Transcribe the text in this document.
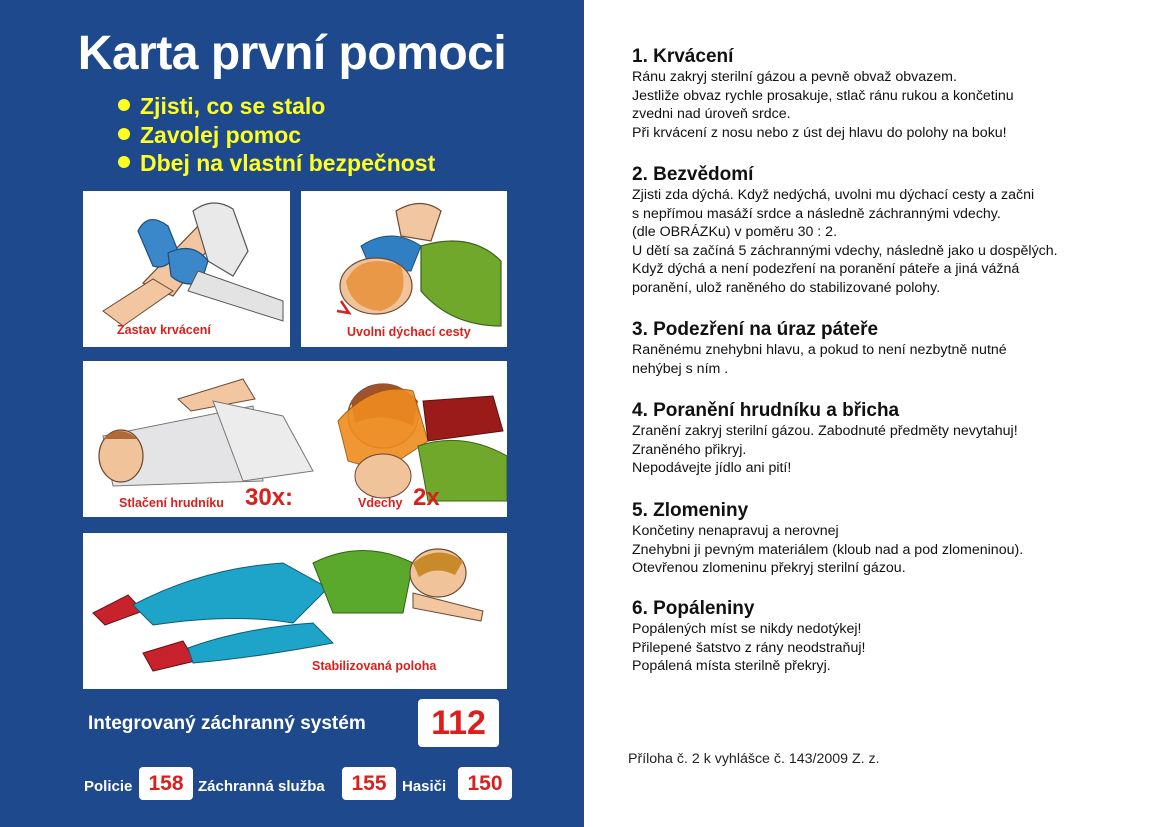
Karta první pomoci
Zjisti, co se stalo
Zavolej pomoc
Dbej na vlastní bezpečnost
Zastav krvácení	Uvolni dýchací cesty
Stlačení hrudníku 30x:	Vdechy 2x
Stabilizovaná poloha
Integrovaný záchranný systém	112
Policie 158 Záchranná služba	155	Hasiči	150
1. Krvácení

Ránu zakryj sterilní gázou a pevně obvaž obvazem.

Jestliže obvaz rychle prosakuje, stlač ránu rukou a končetinu

zvedni nad úroveň srdce.

Při krvácení z nosu nebo z úst dej hlavu do polohy na boku!

2. Bezvědomí

Zjisti zda dýchá. Když nedýchá, uvolni mu dýchací cesty a začni

s nepřímou masáží srdce a následně záchrannými vdechy.

(dle OBRÁZKu) v poměru 30 : 2.

U dětí sa začíná 5 záchrannými vdechy, následně jako u dospělých.

Když dýchá a není podezření na poranění páteře a jiná vážná

poranění, ulož raněného do stabilizované polohy.

3. Podezření na úraz páteře

Raněnému znehybni hlavu, a pokud to není nezbytně nutné

nehýbej s ním .

4. Poranění hrudníku a břicha

Zranění zakryj sterilní gázou. Zabodnuté předměty nevytahuj!

Zraněného přikryj.

Nepodávejte jídlo ani pití!

5. Zlomeniny

Končetiny nenapravuj a nerovnej

Znehybni ji pevným materiálem (kloub nad a pod zlomeninou).

Otevřenou zlomeninu překryj sterilní gázou.

6. Popáleniny

Popálených míst se nikdy nedotýkej!

Přilepené šatstvo z rány neodstraňuj!

Popálená místa sterilně překryj.

Příloha č. 2 k vyhlášce č. 143/2009 Z. z.
